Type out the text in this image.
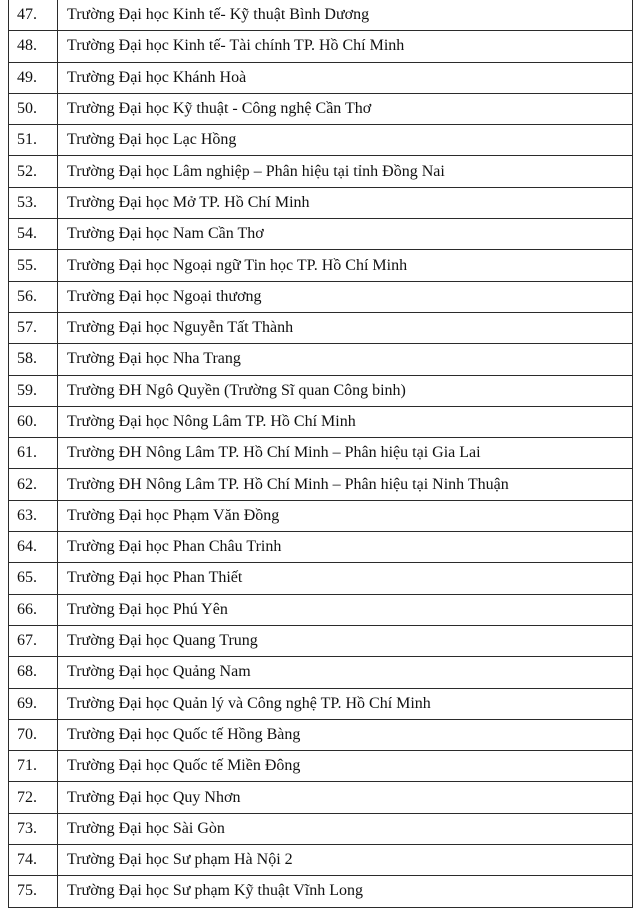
47.	Trường Đại học Kinh tế- Kỹ thuật Bình Dương
48.	Trường Đại học Kinh tế- Tài chính TP. Hồ Chí Minh
49.	Trường Đại học Khánh Hoà
50.	Trường Đại học Kỹ thuật - Công nghệ Cần Thơ
51.	Trường Đại học Lạc Hồng
52.	Trường Đại học Lâm nghiệp – Phân hiệu tại tỉnh Đồng Nai
53.	Trường Đại học Mở TP. Hồ Chí Minh
54.	Trường Đại học Nam Cần Thơ
55.	Trường Đại học Ngoại ngữ Tin học TP. Hồ Chí Minh
56.	Trường Đại học Ngoại thương
57.	Trường Đại học Nguyễn Tất Thành
58.	Trường Đại học Nha Trang
59.	Trường ĐH Ngô Quyền (Trường Sĩ quan Công binh)
60.	Trường Đại học Nông Lâm TP. Hồ Chí Minh
61.	Trường ĐH Nông Lâm TP. Hồ Chí Minh – Phân hiệu tại Gia Lai
62.	Trường ĐH Nông Lâm TP. Hồ Chí Minh – Phân hiệu tại Ninh Thuận
63.	Trường Đại học Phạm Văn Đồng
64.	Trường Đại học Phan Châu Trinh
65.	Trường Đại học Phan Thiết
66.	Trường Đại học Phú Yên
67.	Trường Đại học Quang Trung
68.	Trường Đại học Quảng Nam
69.	Trường Đại học Quản lý và Công nghệ TP. Hồ Chí Minh
70.	Trường Đại học Quốc tế Hồng Bàng
71.	Trường Đại học Quốc tế Miền Đông
72.	Trường Đại học Quy Nhơn
73.	Trường Đại học Sài Gòn
74.	Trường Đại học Sư phạm Hà Nội 2
75.	Trường Đại học Sư phạm Kỹ thuật Vĩnh Long
